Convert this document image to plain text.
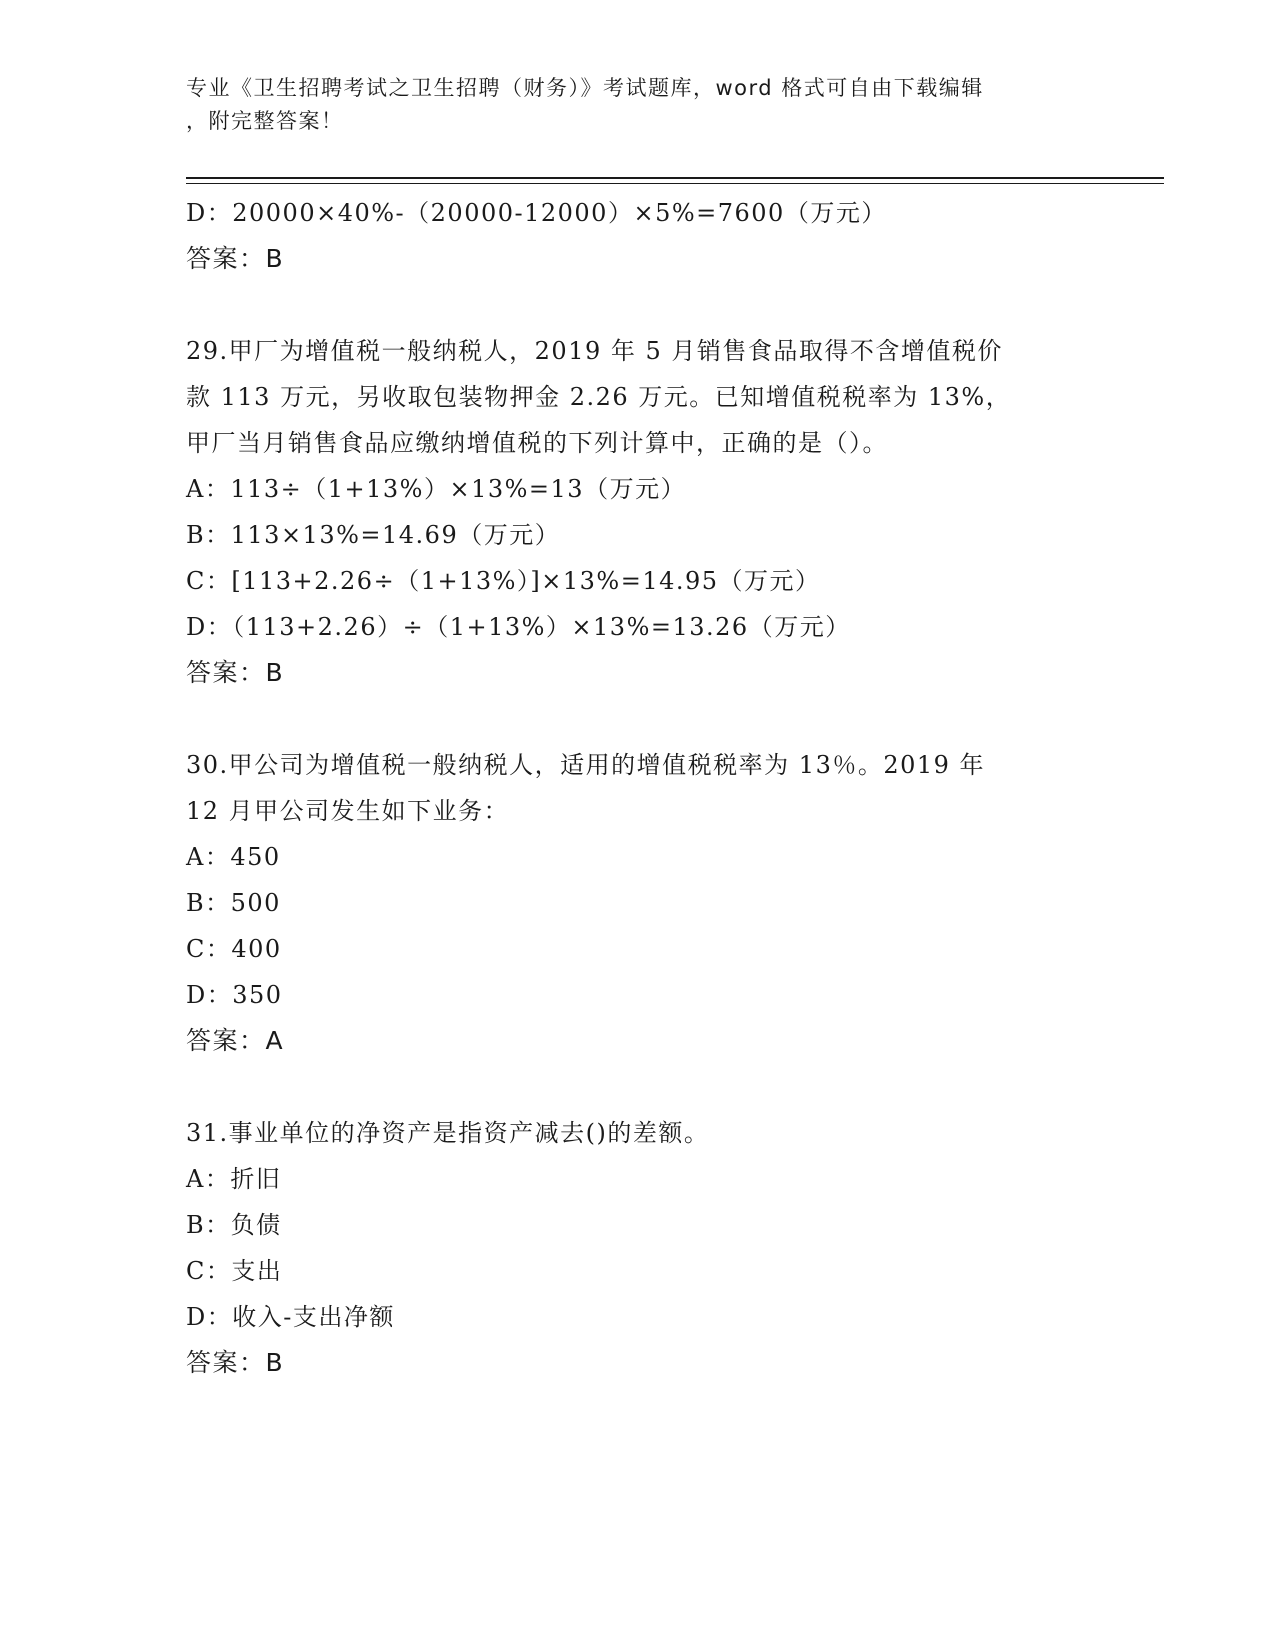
专业《卫生招聘考试之卫生招聘（财务）》考试题库，word 格式可自由下载编辑
，附完整答案！
D：20000×40%-（20000-12000）×5%=7600（万元）
答案：B
29.甲厂为增值税一般纳税人，2019 年 5 月销售食品取得不含增值税价
款 113 万元，另收取包装物押金 2.26 万元。已知增值税税率为 13%，
甲厂当月销售食品应缴纳增值税的下列计算中，正确的是（）。
A：113÷（1+13%）×13%=13（万元）
B：113×13%=14.69（万元）
C：[113+2.26÷（1+13%）]×13%=14.95（万元）
D：（113+2.26）÷（1+13%）×13%=13.26（万元）
答案：B
30.甲公司为增值税一般纳税人，适用的增值税税率为 13％。2019 年
12 月甲公司发生如下业务：
A：450
B：500
C：400
D：350
答案：A
31.事业单位的净资产是指资产减去()的差额。
A：折旧
B：负债
C：支出
D：收入-支出净额
答案：B
